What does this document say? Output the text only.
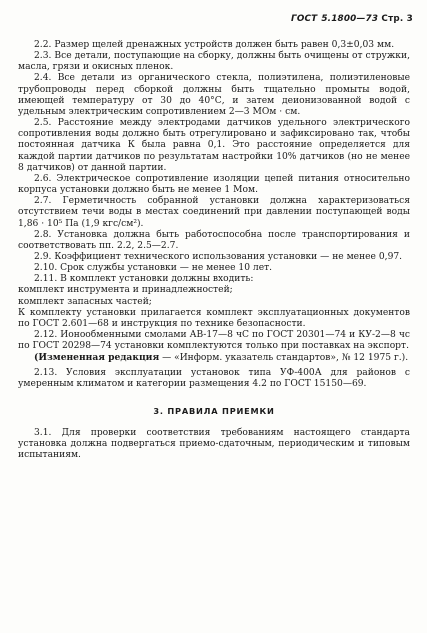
ГОСТ 5.1800—73 Стр. 3

2.2. Размер щелей дренажных устройств должен быть равен 0,3±0,03 мм.

2.3. Все детали, поступающие на сборку, должны быть очищены от стружки, масла, грязи и окисных пленок.

2.4. Все детали из органического стекла, полиэтилена, полиэтиленовые трубопроводы перед сборкой должны быть тщательно промыты водой, имеющей температуру от 30 до 40°С, и затем деионизованной водой с удельным электрическим сопротивлением 2—3 МОм · см.

2.5. Расстояние между электродами датчиков удельного электрического сопротивления воды должно быть отрегулировано и зафиксировано так, чтобы постоянная датчика К была равна 0,1. Это расстояние определяется для каждой партии датчиков по результатам настройки 10% датчиков (но не менее 8 датчиков) от данной партии.

2.6. Электрическое сопротивление изоляции цепей питания относительно корпуса установки должно быть не менее 1 Мом.

2.7. Герметичность собранной установки должна характеризоваться отсутствием течи воды в местах соединений при давлении поступающей воды 1,86 · 10⁵ Па (1,9 кгс/см²).

2.8. Установка должна быть работоспособна после транспортирования и соответствовать пп. 2.2, 2.5—2.7.

2.9. Коэффициент технического использования установки — не менее 0,97.

2.10. Срок службы установки — не менее 10 лет.

2.11. В комплект установки должны входить:

комплект инструмента и принадлежностей;

комплект запасных частей;

К комплекту установки прилагается комплект эксплуатационных документов по ГОСТ 2.601—68 и инструкция по технике безопасности.

2.12. Ионообменными смолами АВ-17—8 чС по ГОСТ 20301—74 и КУ-2—8 чс по ГОСТ 20298—74 установки комплектуются только при поставках на экспорт.

(Измененная редакция — «Информ. указатель стандартов», № 12 1975 г.).

2.13. Условия эксплуатации установок типа УФ-400А для районов с умеренным климатом и категории размещения 4.2 по ГОСТ 15150—69.

3. ПРАВИЛА ПРИЕМКИ

3.1. Для проверки соответствия требованиям настоящего стандарта установка должна подвергаться приемо-сдаточным, периодическим и типовым испытаниям.
